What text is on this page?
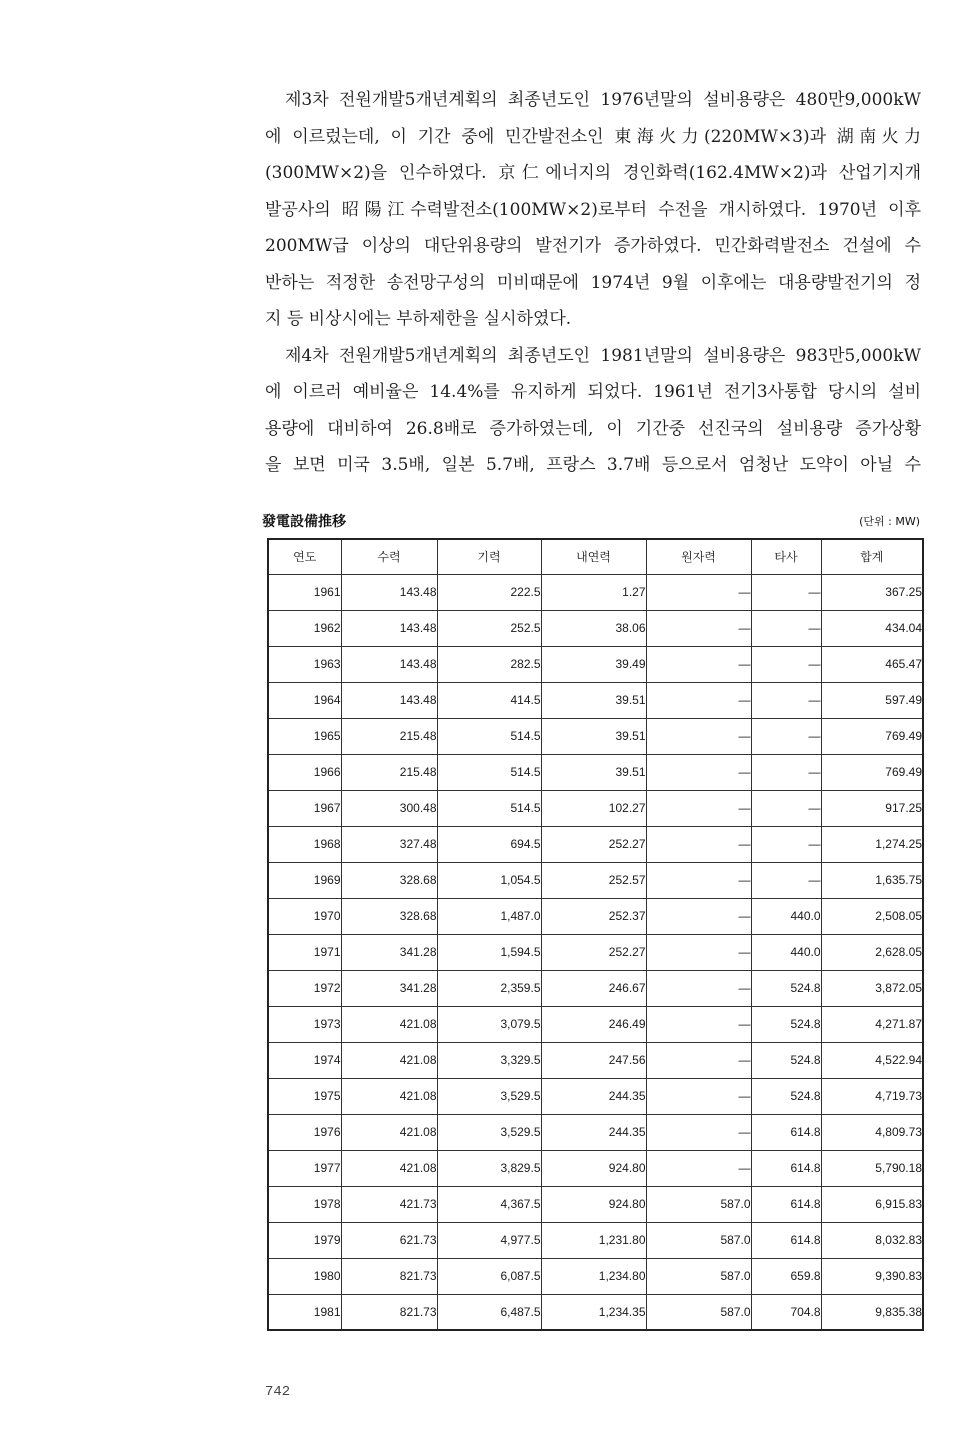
제3차 전원개발5개년계획의 최종년도인 1976년말의 설비용량은 480만9,000kW
에 이르렀는데, 이 기간 중에 민간발전소인 東海火力(220MW×3)과 湖南火力
(300MW×2)을 인수하였다. 京仁에너지의 경인화력(162.4MW×2)과 산업기지개
발공사의 昭陽江수력발전소(100MW×2)로부터 수전을 개시하였다. 1970년 이후
200MW급 이상의 대단위용량의 발전기가 증가하였다. 민간화력발전소 건설에 수
반하는 적정한 송전망구성의 미비때문에 1974년 9월 이후에는 대용량발전기의 정
지 등 비상시에는 부하제한을 실시하였다.
제4차 전원개발5개년계획의 최종년도인 1981년말의 설비용량은 983만5,000kW
에 이르러 예비율은 14.4%를 유지하게 되었다. 1961년 전기3사통합 당시의 설비
용량에 대비하여 26.8배로 증가하였는데, 이 기간중 선진국의 설비용량 증가상황
을 보면 미국 3.5배, 일본 5.7배, 프랑스 3.7배 등으로서 엄청난 도약이 아닐 수
發電設備推移	(단위 : MW)
연도	수력	기력	내연력	원자력	타사	합계
1961	143.48	222.5	1.27	—	—	367.25
1962	143.48	252.5	38.06	—	—	434.04
1963	143.48	282.5	39.49	—	—	465.47
1964	143.48	414.5	39.51	—	—	597.49
1965	215.48	514.5	39.51	—	—	769.49
1966	215.48	514.5	39.51	—	—	769.49
1967	300.48	514.5	102.27	—	—	917.25
1968	327.48	694.5	252.27	—	—	1,274.25
1969	328.68	1,054.5	252.57	—	—	1,635.75
1970	328.68	1,487.0	252.37	—	440.0	2,508.05
1971	341.28	1,594.5	252.27	—	440.0	2,628.05
1972	341.28	2,359.5	246.67	—	524.8	3,872.05
1973	421.08	3,079.5	246.49	—	524.8	4,271.87
1974	421.08	3,329.5	247.56	—	524.8	4,522.94
1975	421.08	3,529.5	244.35	—	524.8	4,719.73
1976	421.08	3,529.5	244.35	—	614.8	4,809.73
1977	421.08	3,829.5	924.80	—	614.8	5,790.18
1978	421.73	4,367.5	924.80	587.0	614.8	6,915.83
1979	621.73	4,977.5	1,231.80	587.0	614.8	8,032.83
1980	821.73	6,087.5	1,234.80	587.0	659.8	9,390.83
1981	821.73	6,487.5	1,234.35	587.0	704.8	9,835.38
742
